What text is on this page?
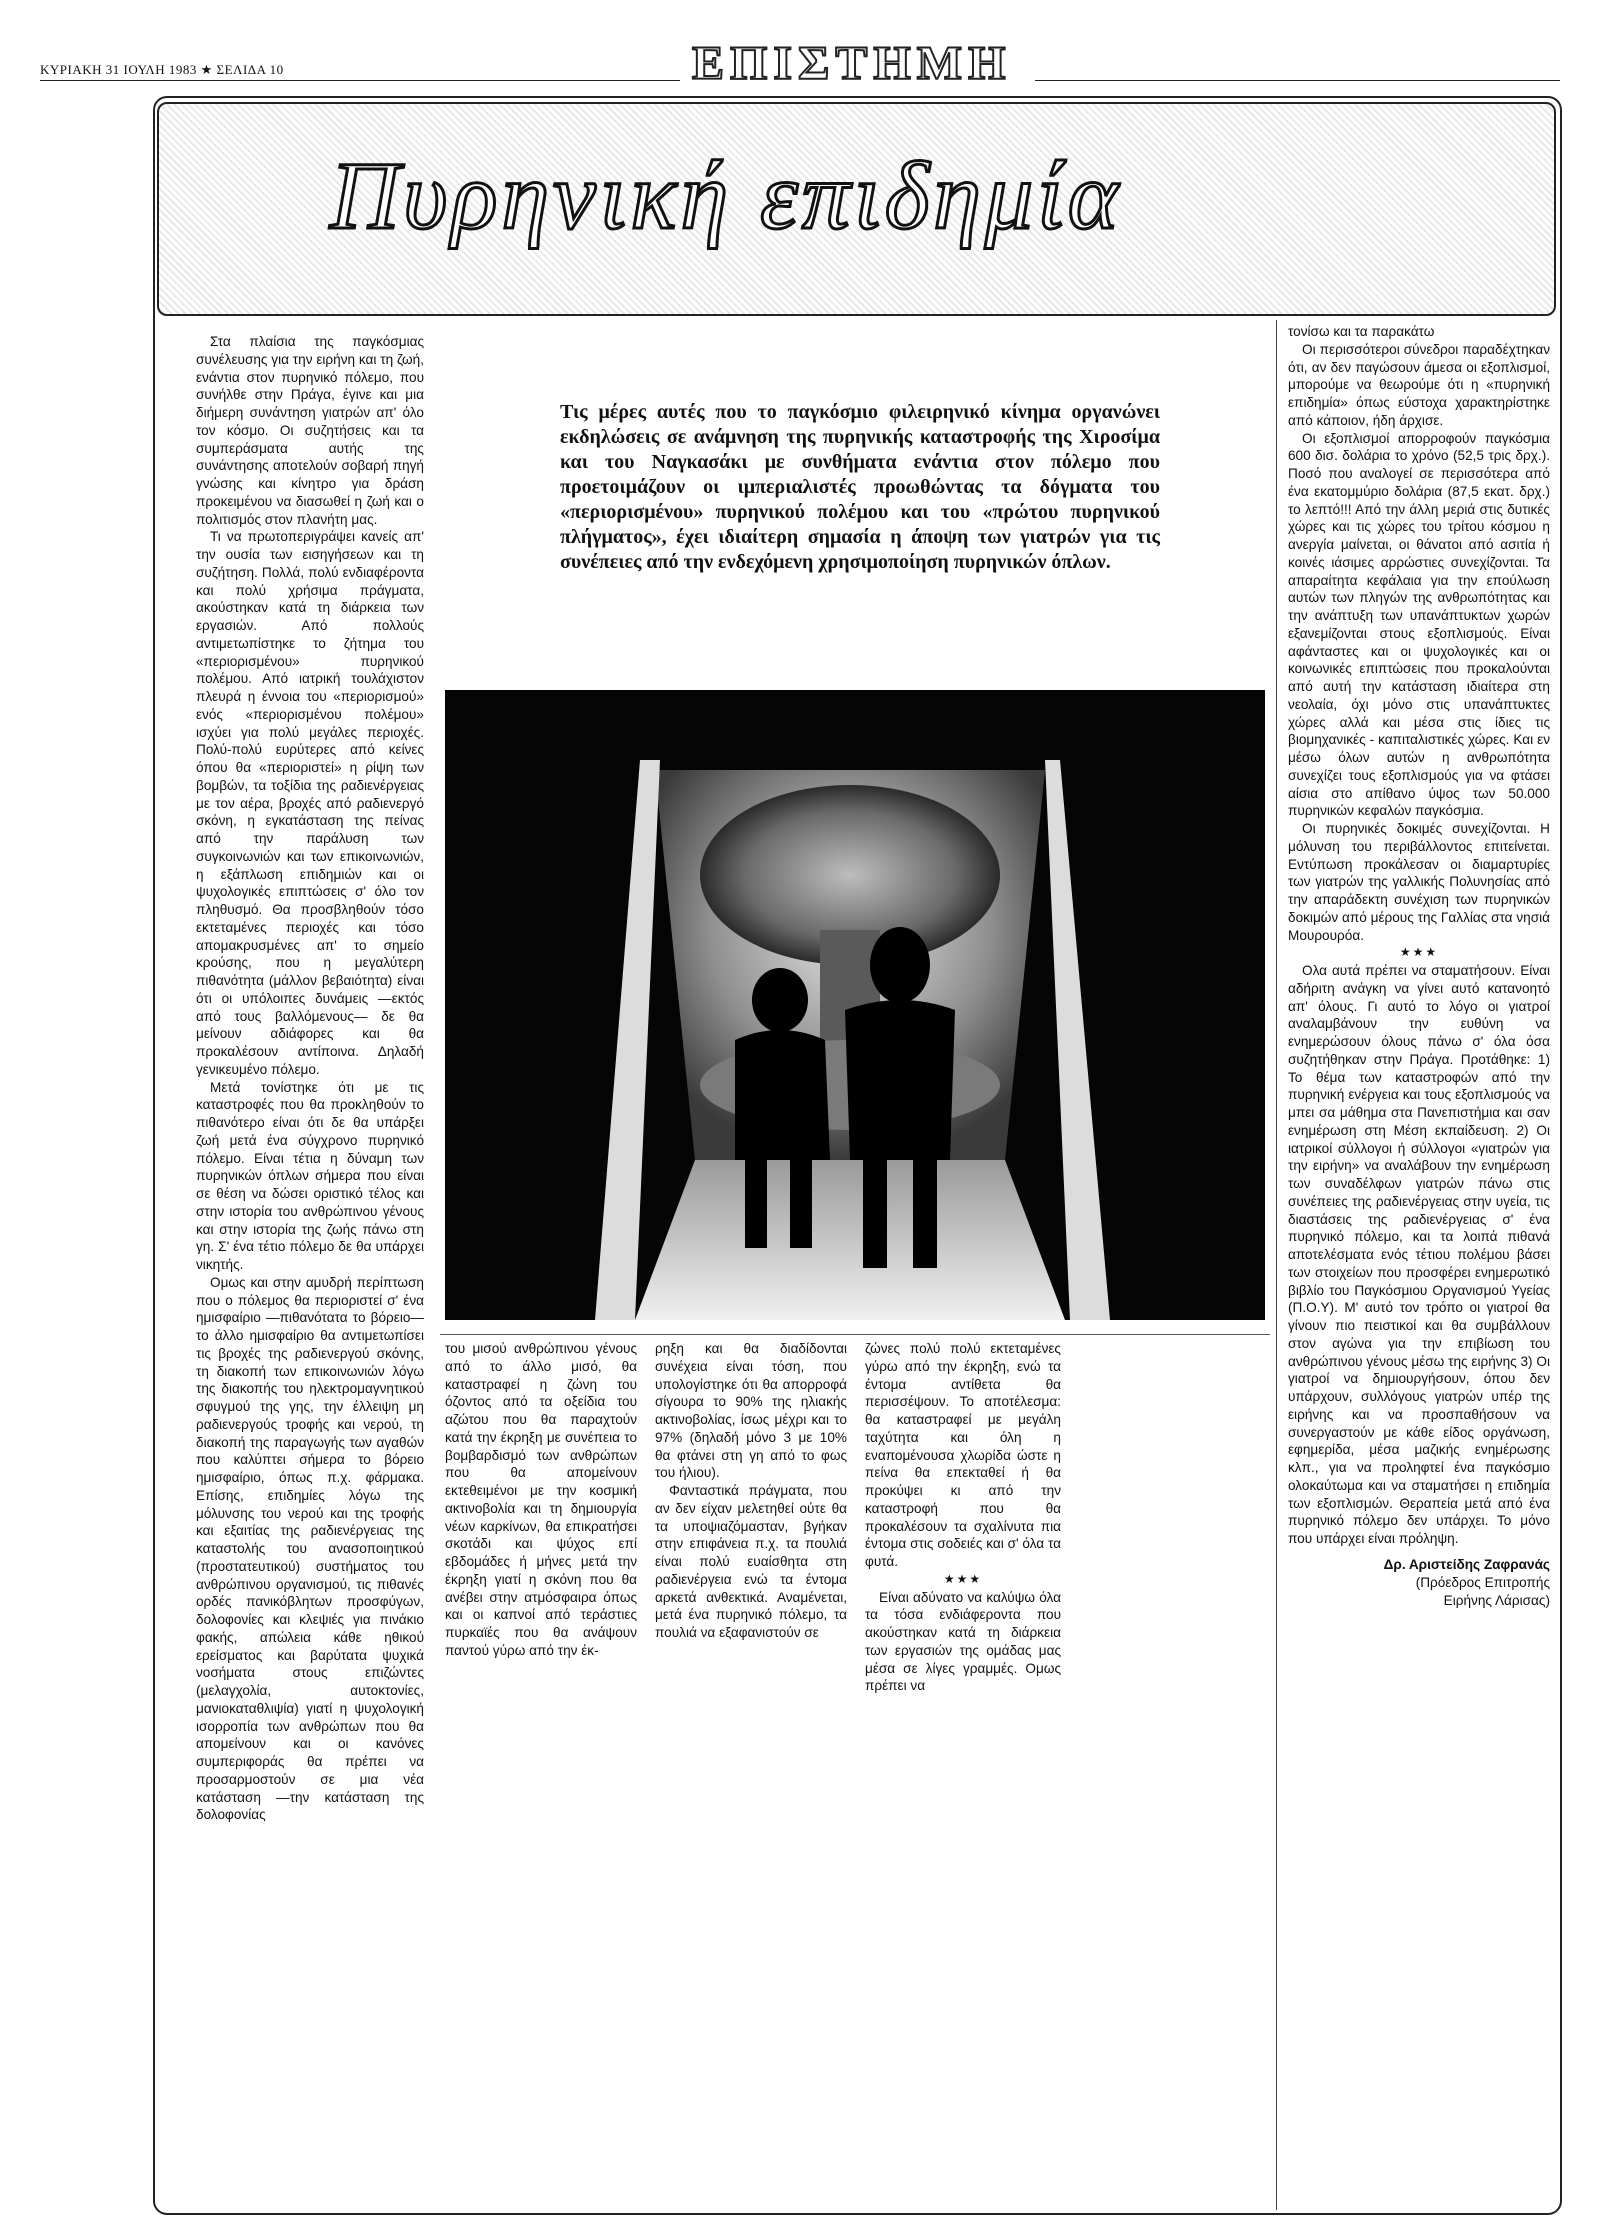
ΚΥΡΙΑΚΗ 31 ΙΟΥΛΗ 1983 ★ ΣΕΛΙΔΑ 10	ΕΠΙΣΤΗΜΗ
Πυρηνική επιδημία

Στα πλαίσια της παγκόσμιας συνέλευσης για την ειρήνη και τη ζωή, ενάντια στον πυρηνικό πόλεμο, που συνήλθε στην Πράγα, έγινε και μια διήμερη συνάντηση γιατρών απ' όλο τον κόσμο. Οι συζητήσεις και τα συμπεράσματα αυτής της συνάντησης αποτελούν σοβαρή πηγή γνώσης και κίνητρο για δράση προκειμένου να διασωθεί η ζωή και ο πολιτισμός στον πλανήτη μας.

Τι να πρωτοπεριγράψει κανείς απ' την ουσία των εισηγήσεων και τη συζήτηση. Πολλά, πολύ ενδιαφέροντα και πολύ χρήσιμα πράγματα, ακούστηκαν κατά τη διάρκεια των εργασιών. Από πολλούς αντιμετωπίστηκε το ζήτημα του «περιορισμένου» πυρηνικού πολέμου. Από ιατρική τουλάχιστον πλευρά η έννοια του «περιορισμού» ενός «περιορισμένου πολέμου» ισχύει για πολύ μεγάλες περιοχές. Πολύ-πολύ ευρύτερες από κείνες όπου θα «περιοριστεί» η ρίψη των βομβών, τα τοξίδια της ραδιενέργειας με τον αέρα, βροχές από ραδιενεργό σκόνη, η εγκατάσταση της πείνας από την παράλυση των συγκοινωνιών και των επικοινωνιών, η εξάπλωση επιδημιών και οι ψυχολογικές επιπτώσεις σ' όλο τον πληθυσμό. Θα προσβληθούν τόσο εκτεταμένες περιοχές και τόσο απομακρυσμένες απ' το σημείο κρούσης, που η μεγαλύτερη πιθανότητα (μάλλον βεβαιότητα) είναι ότι οι υπόλοιπες δυνάμεις —εκτός από τους βαλλόμενους— δε θα μείνουν αδιάφορες και θα προκαλέσουν αντίποινα. Δηλαδή γενικευμένο πόλεμο.

Μετά τονίστηκε ότι με τις καταστροφές που θα προκληθούν το πιθανότερο είναι ότι δε θα υπάρξει ζωή μετά ένα σύγχρονο πυρηνικό πόλεμο. Είναι τέτια η δύναμη των πυρηνικών όπλων σήμερα που είναι σε θέση να δώσει οριστικό τέλος και στην ιστορία του ανθρώπινου γένους και στην ιστορία της ζωής πάνω στη γη. Σ' ένα τέτιο πόλεμο δε θα υπάρχει νικητής.

Ομως και στην αμυδρή περίπτωση που ο πόλεμος θα περιοριστεί σ' ένα ημισφαίριο —πιθανότατα το βόρειο— το άλλο ημισφαίριο θα αντιμετωπίσει τις βροχές της ραδιενεργού σκόνης, τη διακοπή των επικοινωνιών λόγω της διακοπής του ηλεκτρομαγνητικού σφυγμού της γης, την έλλειψη μη ραδιενεργούς τροφής και νερού, τη διακοπή της παραγωγής των αγαθών που καλύπτει σήμερα το βόρειο ημισφαίριο, όπως π.χ. φάρμακα. Επίσης, επιδημίες λόγω της μόλυνσης του νερού και της τροφής και εξαιτίας της ραδιενέργειας της καταστολής του ανασοποιητικού (προστατευτικού) συστήματος του ανθρώπινου οργανισμού, τις πιθανές ορδές πανικόβλητων προσφύγων, δολοφονίες και κλεψιές για πινάκιο φακής, απώλεια κάθε ηθικού ερείσματος και βαρύτατα ψυχικά νοσήματα στους επιζώντες (μελαγχολία, αυτοκτονίες, μανιοκαταθλιψία) γιατί η ψυχολογική ισορροπία των ανθρώπων που θα απομείνουν και οι κανόνες συμπεριφοράς θα πρέπει να προσαρμοστούν σε μια νέα κατάσταση —την κατάσταση της δολοφονίας

Τις μέρες αυτές που το παγκόσμιο φιλειρηνικό κίνημα οργανώνει εκδηλώσεις σε ανάμνηση της πυρηνικής καταστροφής της Χιροσίμα και του Ναγκασάκι με συνθήματα ενάντια στον πόλεμο που προετοιμάζουν οι ιμπεριαλιστές προωθώντας τα δόγματα του «περιορισμένου» πυρηνικού πολέμου και του «πρώτου πυρηνικού πλήγματος», έχει ιδιαίτερη σημασία η άποψη των γιατρών για τις συνέπειες από την ενδεχόμενη χρησιμοποίηση πυρηνικών όπλων.

του μισού ανθρώπινου γένους από το άλλο μισό, θα καταστραφεί η ζώνη του όζοντος από τα οξείδια του αζώτου που θα παραχτούν κατά την έκρηξη με συνέπεια το βομβαρδισμό των ανθρώπων που θα απομείνουν εκτεθειμένοι με την κοσμική ακτινοβολία και τη δημιουργία νέων καρκίνων, θα επικρατήσει σκοτάδι και ψύχος επί εβδομάδες ή μήνες μετά την έκρηξη γιατί η σκόνη που θα ανέβει στην ατμόσφαιρα όπως και οι καπνοί από τεράστιες πυρκαϊές που θα ανάψουν παντού γύρω από την έκ-

ρηξη και θα διαδίδονται συνέχεια είναι τόση, που υπολογίστηκε ότι θα απορροφά σίγουρα το 90% της ηλιακής ακτινοβολίας, ίσως μέχρι και το 97% (δηλαδή μόνο 3 με 10% θα φτάνει στη γη από το φως του ήλιου).

Φανταστικά πράγματα, που αν δεν είχαν μελετηθεί ούτε θα τα υποψιαζόμασταν, βγήκαν στην επιφάνεια π.χ. τα πουλιά είναι πολύ ευαίσθητα στη ραδιενέργεια ενώ τα έντομα αρκετά ανθεκτικά. Αναμένεται, μετά ένα πυρηνικό πόλεμο, τα πουλιά να εξαφανιστούν σε

ζώνες πολύ πολύ εκτεταμένες γύρω από την έκρηξη, ενώ τα έντομα αντίθετα θα περισσέψουν. Το αποτέλεσμα: θα καταστραφεί με μεγάλη ταχύτητα και όλη η εναπομένουσα χλωρίδα ώστε η πείνα θα επεκταθεί ή θα προκύψει κι από την καταστροφή που θα προκαλέσουν τα σχαλίνυτα πια έντομα στις σοδειές και σ' όλα τα φυτά.

★★★

Είναι αδύνατο να καλύψω όλα τα τόσα ενδιάφεροντα που ακούστηκαν κατά τη διάρκεια των εργασιών της ομάδας μας μέσα σε λίγες γραμμές. Ομως πρέπει να

τονίσω και τα παρακάτω

Οι περισσότεροι σύνεδροι παραδέχτηκαν ότι, αν δεν παγώσουν άμεσα οι εξοπλισμοί, μπορούμε να θεωρούμε ότι η «πυρηνική επιδημία» όπως εύστοχα χαρακτηρίστηκε από κάποιον, ήδη άρχισε.

Οι εξοπλισμοί απορροφούν παγκόσμια 600 δισ. δολάρια το χρόνο (52,5 τρις δρχ.). Ποσό που αναλογεί σε περισσότερα από ένα εκατομμύριο δολάρια (87,5 εκατ. δρχ.) το λεπτό!!! Από την άλλη μεριά στις δυτικές χώρες και τις χώρες του τρίτου κόσμου η ανεργία μαίνεται, οι θάνατοι από ασιτία ή κοινές ιάσιμες αρρώστιες συνεχίζονται. Τα απαραίτητα κεφάλαια για την επούλωση αυτών των πληγών της ανθρωπότητας και την ανάπτυξη των υπανάπτυκτων χωρών εξανεμίζονται στους εξοπλισμούς. Είναι αφάνταστες και οι ψυχολογικές και οι κοινωνικές επιπτώσεις που προκαλούνται από αυτή την κατάσταση ιδιαίτερα στη νεολαία, όχι μόνο στις υπανάπτυκτες χώρες αλλά και μέσα στις ίδιες τις βιομηχανικές - καπιταλιστικές χώρες. Και εν μέσω όλων αυτών η ανθρωπότητα συνεχίζει τους εξοπλισμούς για να φτάσει αίσια στο απίθανο ύψος των 50.000 πυρηνικών κεφαλών παγκόσμια.

Οι πυρηνικές δοκιμές συνεχίζονται. Η μόλυνση του περιβάλλοντος επιτείνεται. Εντύπωση προκάλεσαν οι διαμαρτυρίες των γιατρών της γαλλικής Πολυνησίας από την απαράδεκτη συνέχιση των πυρηνικών δοκιμών από μέρους της Γαλλίας στα νησιά Μουρουρόα.

★★★

Ολα αυτά πρέπει να σταματήσουν. Είναι αδήριτη ανάγκη να γίνει αυτό κατανοητό απ' όλους. Γι αυτό το λόγο οι γιατροί αναλαμβάνουν την ευθύνη να ενημερώσουν όλους πάνω σ' όλα όσα συζητήθηκαν στην Πράγα. Προτάθηκε: 1) Το θέμα των καταστροφών από την πυρηνική ενέργεια και τους εξοπλισμούς να μπει σα μάθημα στα Πανεπιστήμια και σαν ενημέρωση στη Μέση εκπαίδευση. 2) Οι ιατρικοί σύλλογοι ή σύλλογοι «γιατρών για την ειρήνη» να αναλάβουν την ενημέρωση των συναδέλφων γιατρών πάνω στις συνέπειες της ραδιενέργειας στην υγεία, τις διαστάσεις της ραδιενέργειας σ' ένα πυρηνικό πόλεμο, και τα λοιπά πιθανά αποτελέσματα ενός τέτιου πολέμου βάσει των στοιχείων που προσφέρει ενημερωτικό βιβλίο του Παγκόσμιου Οργανισμού Υγείας (Π.Ο.Υ). Μ' αυτό τον τρόπο οι γιατροί θα γίνουν πιο πειστικοί και θα συμβάλλουν στον αγώνα για την επιβίωση του ανθρώπινου γένους μέσω της ειρήνης 3) Οι γιατροί να δημιουργήσουν, όπου δεν υπάρχουν, συλλόγους γιατρών υπέρ της ειρήνης και να προσπαθήσουν να συνεργαστούν με κάθε είδος οργάνωση, εφημερίδα, μέσα μαζικής ενημέρωσης κλπ., για να προληφτεί ένα παγκόσμιο ολοκαύτωμα και να σταματήσει η επιδημία των εξοπλισμών. Θεραπεία μετά από ένα πυρηνικό πόλεμο δεν υπάρχει. Το μόνο που υπάρχει είναι πρόληψη.

Δρ. Αριστείδης Ζαφρανάς
(Πρόεδρος Επιτροπής
Ειρήνης Λάρισας)
